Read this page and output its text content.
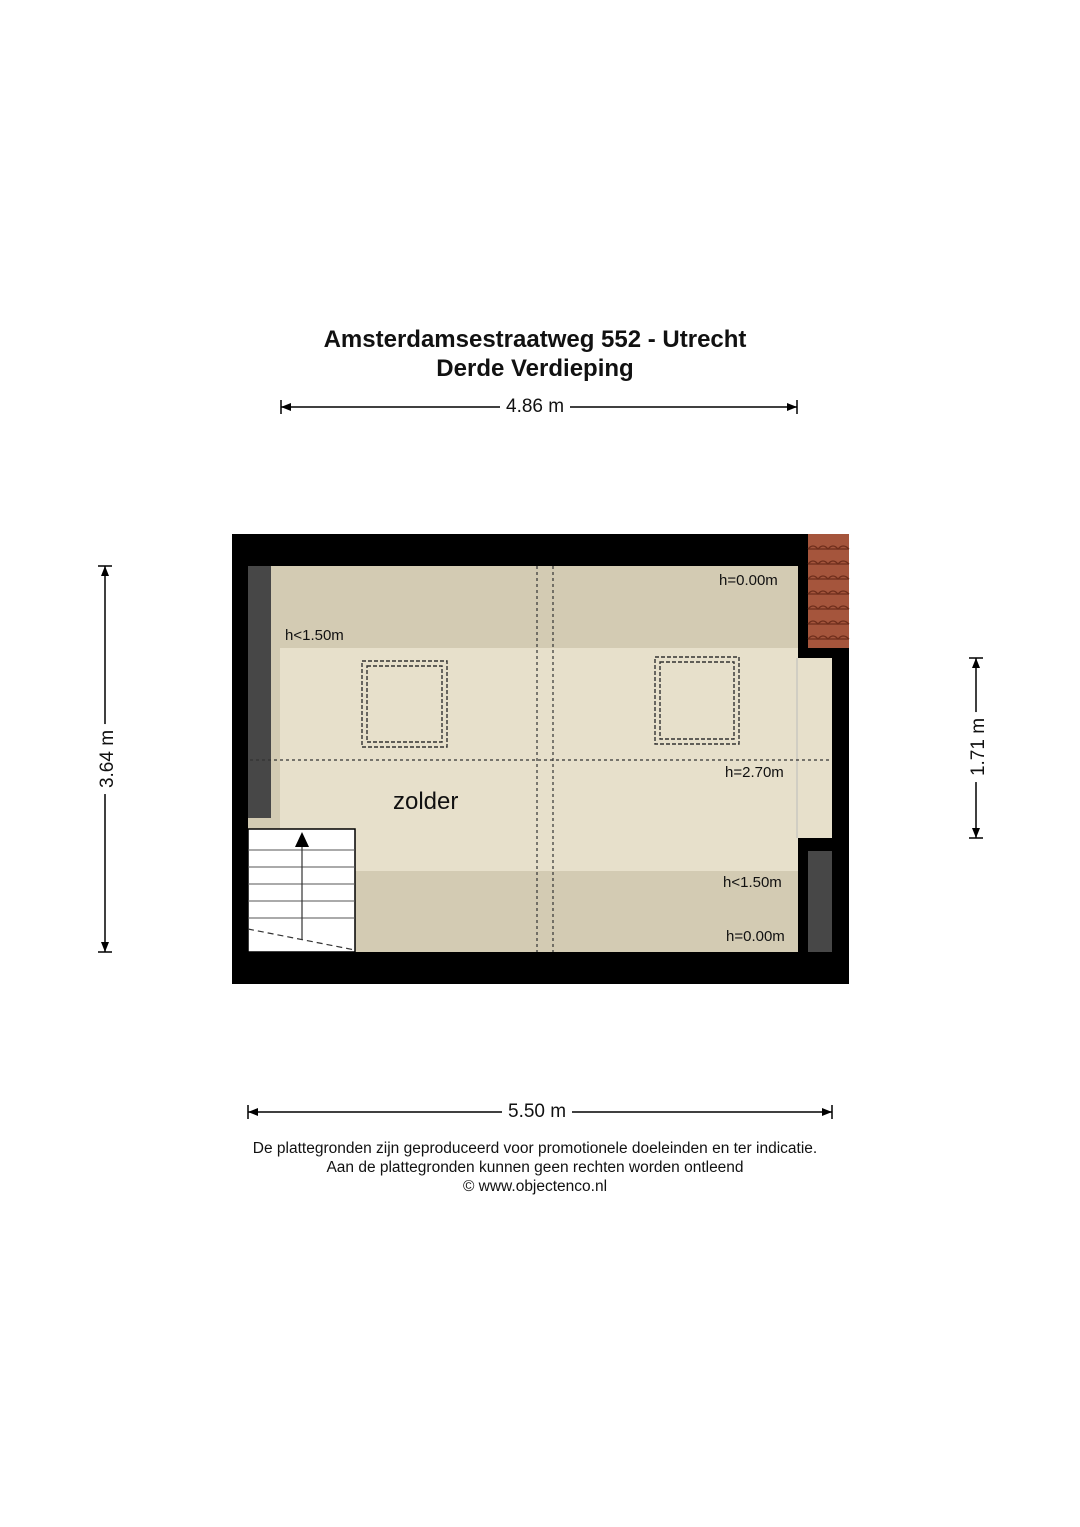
Amsterdamsestraatweg 552 - Utrecht
Derde Verdieping
4.86 m
5.50 m
3.64 m	1.71 m
h=0.00m
h<1.50m
h=2.70m
h<1.50m
h=0.00m
zolder
De plattegronden zijn geproduceerd voor promotionele doeleinden en ter indicatie.
Aan de plattegronden kunnen geen rechten worden ontleend
© www.objectenco.nl
